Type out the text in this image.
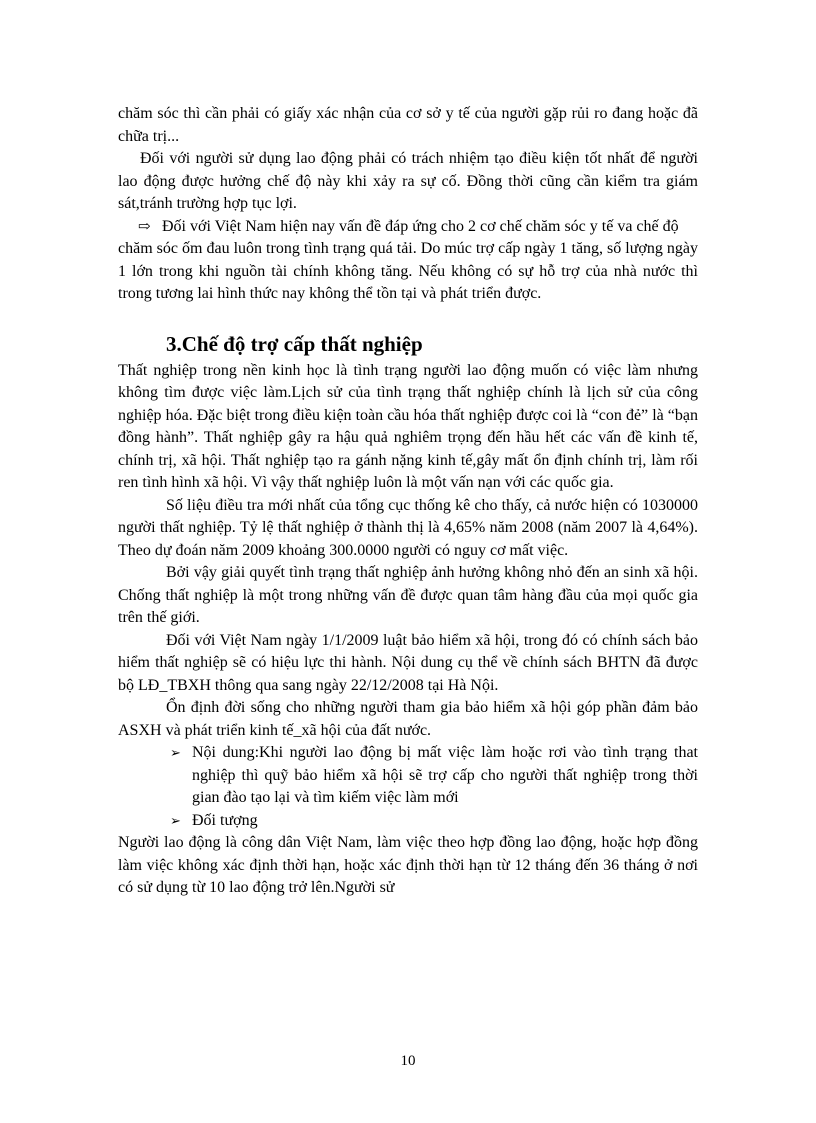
chăm sóc thì cần phải có giấy xác nhận của cơ sở y tế của người gặp rủi ro đang hoặc đã chữa trị...

Đối với người sử dụng lao động phải có trách nhiệm tạo điều kiện tốt nhất để người lao động được hưởng chế độ này khi xảy ra sự cố. Đồng thời cũng cần kiểm tra giám sát,tránh trường hợp tục lợi.

⇨ Đối với Việt Nam hiện nay vấn đề đáp ứng cho 2 cơ chế chăm sóc y tế va chế độ

chăm sóc ốm đau luôn trong tình trạng quá tải. Do múc trợ cấp ngày 1 tăng, số lượng ngày 1 lớn trong khi nguồn tài chính không tăng. Nếu không có sự hỗ trợ của nhà nước thì trong tương lai hình thức nay không thể tồn tại và phát triển được.

3.Chế độ trợ cấp thất nghiệp

Thất nghiệp trong nền kinh học là tình trạng người lao động muốn có việc làm nhưng không tìm được việc làm.Lịch sử của tình trạng thất nghiệp chính là lịch sử của công nghiệp hóa. Đặc biệt trong điều kiện toàn cầu hóa thất nghiệp được coi là “con đẻ” là “bạn đồng hành”. Thất nghiệp gây ra hậu quả nghiêm trọng đến hầu hết các vấn đề kinh tế, chính trị, xã hội. Thất nghiệp tạo ra gánh nặng kinh tế,gây mất ổn định chính trị, làm rối ren tình hình xã hội. Vì vậy thất nghiệp luôn là một vấn nạn với các quốc gia.

Số liệu điều tra mới nhất của tổng cục thống kê cho thấy, cả nước hiện có 1030000 người thất nghiệp. Tỷ lệ thất nghiệp ở thành thị là 4,65% năm 2008 (năm 2007 là 4,64%). Theo dự đoán năm 2009 khoảng 300.0000 người có nguy cơ mất việc.

Bởi vậy giải quyết tình trạng thất nghiệp ảnh hưởng không nhỏ đến an sinh xã hội. Chống thất nghiệp là một trong những vấn đề được quan tâm hàng đầu của mọi quốc gia trên thế giới.

Đối với Việt Nam ngày 1/1/2009 luật bảo hiểm xã hội, trong đó có chính sách bảo hiểm thất nghiệp sẽ có hiệu lực thi hành. Nội dung cụ thể về chính sách BHTN đã được bộ LĐ_TBXH thông qua sang ngày 22/12/2008 tại Hà Nội.

Ổn định đời sống cho những người tham gia bảo hiểm xã hội góp phần đảm bảo ASXH và phát triển kinh tế_xã hội của đất nước.

➢ Nội dung:Khi người lao động bị mất việc làm hoặc rơi vào tình trạng that nghiệp thì quỹ bảo hiểm xã hội sẽ trợ cấp cho người thất nghiệp trong thời gian đào tạo lại và tìm kiếm việc làm mới
➢ Đối tượng

Người lao động là công dân Việt Nam, làm việc theo hợp đồng lao động, hoặc hợp đồng làm việc không xác định thời hạn, hoặc xác định thời hạn từ 12 tháng đến 36 tháng ở nơi có sử dụng từ 10 lao động trở lên.Người sử

10
